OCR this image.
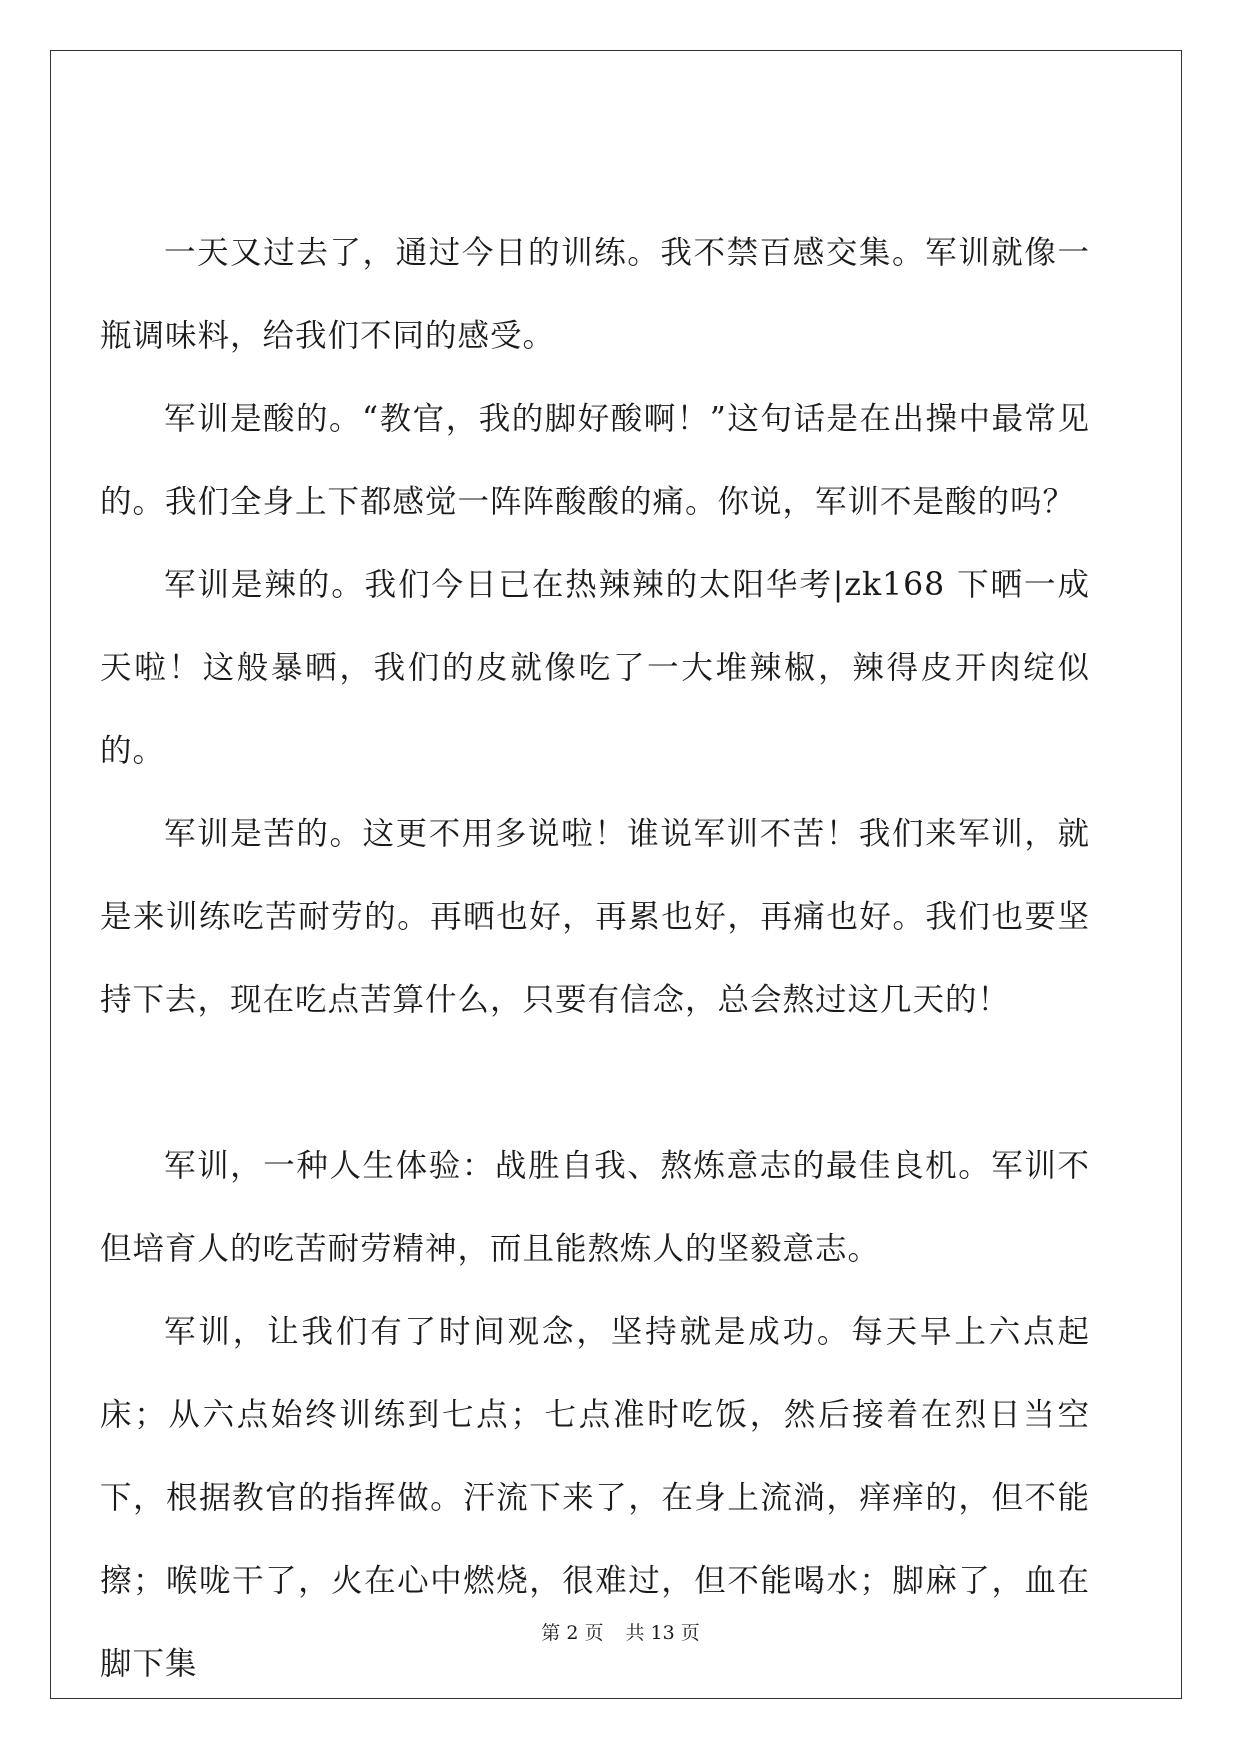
一天又过去了，通过今日的训练。我不禁百感交集。军训就像一瓶调味料，给我们不同的感受。

军训是酸的。“教官，我的脚好酸啊！”这句话是在出操中最常见的。我们全身上下都感觉一阵阵酸酸的痛。你说，军训不是酸的吗？

军训是辣的。我们今日已在热辣辣的太阳华考|zk168 下晒一成天啦！这般暴晒，我们的皮就像吃了一大堆辣椒，辣得皮开肉绽似的。

军训是苦的。这更不用多说啦！谁说军训不苦！我们来军训，就是来训练吃苦耐劳的。再晒也好，再累也好，再痛也好。我们也要坚持下去，现在吃点苦算什么，只要有信念，总会熬过这几天的！

军训，一种人生体验：战胜自我、熬炼意志的最佳良机。军训不但培育人的吃苦耐劳精神，而且能熬炼人的坚毅意志。

军训，让我们有了时间观念，坚持就是成功。每天早上六点起床；从六点始终训练到七点；七点准时吃饭，然后接着在烈日当空下，根据教官的指挥做。汗流下来了，在身上流淌，痒痒的，但不能擦；喉咙干了，火在心中燃烧，很难过，但不能喝水；脚麻了，血在脚下集

第 2 页 共 13 页
